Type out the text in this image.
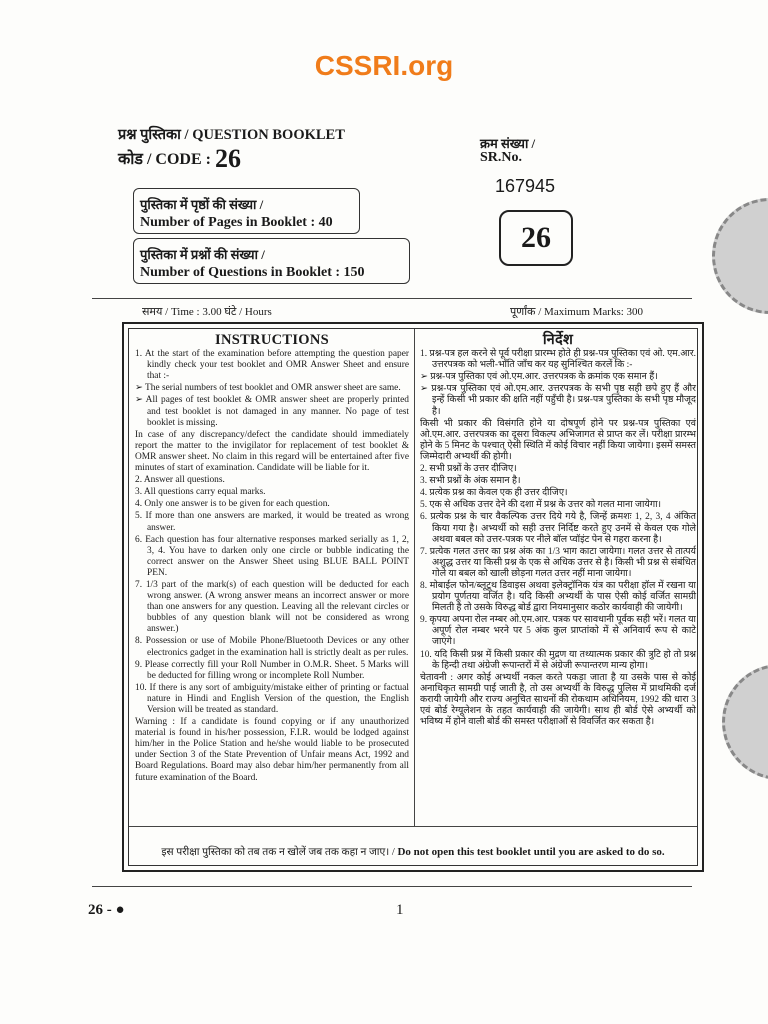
CSSRI.org
प्रश्न पुस्तिका / QUESTION BOOKLET
कोड / CODE : 26
पुस्तिका में पृष्ठों की संख्या /
Number of Pages in Booklet : 40
पुस्तिका में प्रश्नों की संख्या /
Number of Questions in Booklet : 150
क्रम संख्या /
SR.No.
167945
26
समय / Time : 3.00 घंटे / Hours	पूर्णांक / Maximum Marks: 300
INSTRUCTIONS

1. At the start of the examination before attempting the question paper kindly check your test booklet and OMR Answer Sheet and ensure that :-

➢ The serial numbers of test booklet and OMR answer sheet are same.

➢ All pages of test booklet & OMR answer sheet are properly printed and test booklet is not damaged in any manner. No page of test booklet is missing.

In case of any discrepancy/defect the candidate should immediately report the matter to the invigilator for replacement of test booklet & OMR answer sheet. No claim in this regard will be entertained after five minutes of start of examination. Candidate will be liable for it.

2. Answer all questions.

3. All questions carry equal marks.

4. Only one answer is to be given for each question.

5. If more than one answers are marked, it would be treated as wrong answer.

6. Each question has four alternative responses marked serially as 1, 2, 3, 4. You have to darken only one circle or bubble indicating the correct answer on the Answer Sheet using BLUE BALL POINT PEN.

7. 1/3 part of the mark(s) of each question will be deducted for each wrong answer. (A wrong answer means an incorrect answer or more than one answers for any question. Leaving all the relevant circles or bubbles of any question blank will not be considered as wrong answer.)

8. Possession or use of Mobile Phone/Bluetooth Devices or any other electronics gadget in the examination hall is strictly dealt as per rules.

9. Please correctly fill your Roll Number in O.M.R. Sheet. 5 Marks will be deducted for filling wrong or incomplete Roll Number.

10. If there is any sort of ambiguity/mistake either of printing or factual nature in Hindi and English Version of the question, the English Version will be treated as standard.

Warning : If a candidate is found copying or if any unauthorized material is found in his/her possession, F.I.R. would be lodged against him/her in the Police Station and he/she would liable to be prosecuted under Section 3 of the State Prevention of Unfair means Act, 1992 and Board Regulations. Board may also debar him/her permanently from all future examination of the Board.

निर्देश

1. प्रश्न-पत्र हल करने से पूर्व परीक्षा प्रारम्भ होते ही प्रश्न-पत्र पुस्तिका एवं ओ. एम.आर. उत्तरपत्रक को भली-भाँति जाँच कर यह सुनिश्चित करलें कि :-

➢ प्रश्न-पत्र पुस्तिका एवं ओ.एम.आर. उत्तरपत्रक के क्रमांक एक समान हैं।

➢ प्रश्न-पत्र पुस्तिका एवं ओ.एम.आर. उत्तरपत्रक के सभी पृष्ठ सही छपे हुए हैं और इन्हें किसी भी प्रकार की क्षति नहीं पहुँची है। प्रश्न-पत्र पुस्तिका के सभी पृष्ठ मौजूद है।

किसी भी प्रकार की विसंगति होने या दोषपूर्ण होने पर प्रश्न-पत्र पुस्तिका एवं ओ.एम.आर. उत्तरपत्रक का दूसरा विकल्प अभिजागत से प्राप्त कर लें। परीक्षा प्रारम्भ होने के 5 मिनट के पश्चात् ऐसी स्थिति में कोई विचार नहीं किया जायेगा। इसमें समस्त जिम्मेदारी अभ्यर्थी की होगी।

2. सभी प्रश्नों के उत्तर दीजिए।

3. सभी प्रश्नों के अंक समान है।

4. प्रत्येक प्रश्न का केवल एक ही उत्तर दीजिए।

5. एक से अधिक उत्तर देने की दशा में प्रश्न के उत्तर को गलत माना जायेगा।

6. प्रत्येक प्रश्न के चार वैकल्पिक उत्तर दिये गये है, जिन्हें क्रमशः 1, 2, 3, 4 अंकित किया गया है। अभ्यर्थी को सही उत्तर निर्दिष्ट करते हुए उनमें से केवल एक गोले अथवा बबल को उत्तर-पत्रक पर नीले बॉल प्वॉइंट पेन से गहरा करना है।

7. प्रत्येक गलत उत्तर का प्रश्न अंक का 1/3 भाग काटा जायेगा। गलत उत्तर से तात्पर्य अशुद्ध उत्तर या किसी प्रश्न के एक से अधिक उत्तर से है। किसी भी प्रश्न से संबंधित गोले या बबल को खाली छोड़ना गलत उत्तर नहीं माना जायेगा।

8. मोबाईल फोन/ब्लूटूथ डिवाइस अथवा इलेक्ट्रॉनिक यंत्र का परीक्षा हॉल में रखना या प्रयोग पूर्णतया वर्जित है। यदि किसी अभ्यर्थी के पास ऐसी कोई वर्जित सामग्री मिलती है तो उसके विरुद्ध बोर्ड द्वारा नियमानुसार कठोर कार्यवाही की जायेगी।

9. कृपया अपना रोल नम्बर ओ.एम.आर. पत्रक पर सावधानी पूर्वक सही भरें। गलत या अपूर्ण रोल नम्बर भरने पर 5 अंक कुल प्राप्तांको में से अनिवार्य रूप से काटे जाएंगे।

10. यदि किसी प्रश्न में किसी प्रकार की मुद्रण या तथ्यात्मक प्रकार की त्रुटि हो तो प्रश्न के हिन्दी तथा अंग्रेजी रूपान्तरों में से अंग्रेजी रूपान्तरण मान्य होगा।

चेतावनी : अगर कोई अभ्यर्थी नकल करते पकड़ा जाता है या उसके पास से कोई अनाधिकृत सामग्री पाई जाती है, तो उस अभ्यर्थी के विरुद्ध पुलिस में प्राथमिकी दर्ज करायी जायेगी और राज्य अनुचित साधनों की रोकथाम अधिनियम, 1992 की धारा 3 एवं बोर्ड रेग्यूलेशन के तहत कार्यवाही की जायेगी। साथ ही बोर्ड ऐसे अभ्यर्थी को भविष्य में होने वाली बोर्ड की समस्त परीक्षाओं से विवर्जित कर सकता है।

इस परीक्षा पुस्तिका को तब तक न खोलें जब तक कहा न जाए। / Do not open this test booklet until you are asked to do so.
26 - ●	1
